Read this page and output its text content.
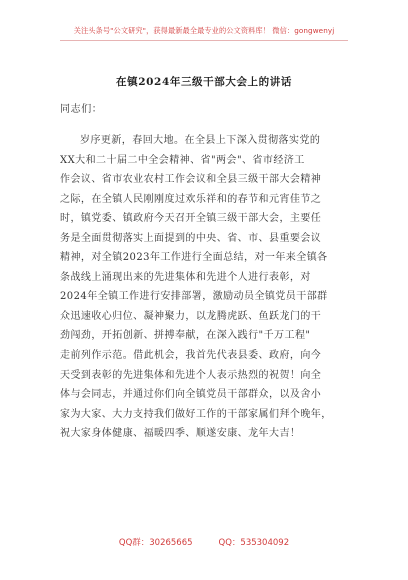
关注头条号"公文研究"，获得最新最全最专业的公文资料库！ 微信：gongwenyj
在镇2024年三级干部大会上的讲话
同志们：
岁序更新，春回大地。在全县上下深入贯彻落实党的
XX大和二十届二中全会精神、省"两会"、省市经济工
作会议、省市农业农村工作会议和全县三级干部大会精神
之际，在全镇人民刚刚度过欢乐祥和的春节和元宵佳节之
时，镇党委、镇政府今天召开全镇三级干部大会，主要任
务是全面贯彻落实上面提到的中央、省、市、县重要会议
精神，对全镇2023年工作进行全面总结，对一年来全镇各
条战线上涌现出来的先进集体和先进个人进行表彰，对
2024年全镇工作进行安排部署，激励动员全镇党员干部群
众迅速收心归位、凝神聚力，以龙腾虎跃、鱼跃龙门的干
劲闯劲，开拓创新、拼搏奉献，在深入践行"千万工程"
走前列作示范。借此机会，我首先代表县委、政府，向今
天受到表彰的先进集体和先进个人表示热烈的祝贺！向全
体与会同志，并通过你们向全镇党员干部群众，以及舍小
家为大家、大力支持我们做好工作的干部家属们拜个晚年，
祝大家身体健康、福暖四季、顺遂安康、龙年大吉！
QQ群：30265665	QQ：535304092
